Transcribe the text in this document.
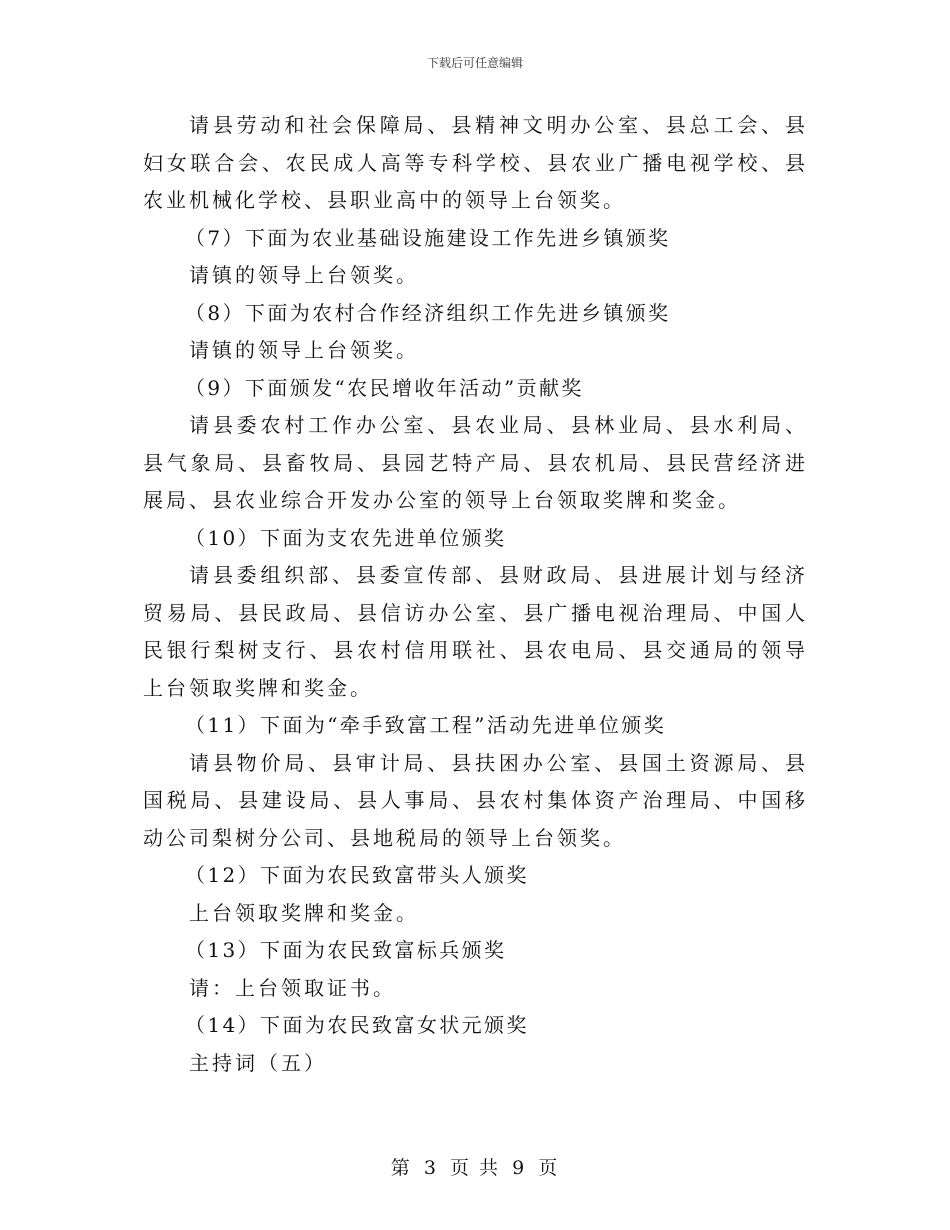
下载后可任意编辑

请县劳动和社会保障局、县精神文明办公室、县总工会、县妇女联合会、农民成人高等专科学校、县农业广播电视学校、县农业机械化学校、县职业高中的领导上台领奖。

（7）下面为农业基础设施建设工作先进乡镇颁奖

请镇的领导上台领奖。

（8）下面为农村合作经济组织工作先进乡镇颁奖

请镇的领导上台领奖。

（9）下面颁发“农民增收年活动”贡献奖

请县委农村工作办公室、县农业局、县林业局、县水利局、县气象局、县畜牧局、县园艺特产局、县农机局、县民营经济进展局、县农业综合开发办公室的领导上台领取奖牌和奖金。

（10）下面为支农先进单位颁奖

请县委组织部、县委宣传部、县财政局、县进展计划与经济贸易局、县民政局、县信访办公室、县广播电视治理局、中国人民银行梨树支行、县农村信用联社、县农电局、县交通局的领导上台领取奖牌和奖金。

（11）下面为“牵手致富工程”活动先进单位颁奖

请县物价局、县审计局、县扶困办公室、县国土资源局、县国税局、县建设局、县人事局、县农村集体资产治理局、中国移动公司梨树分公司、县地税局的领导上台领奖。

（12）下面为农民致富带头人颁奖

上台领取奖牌和奖金。

（13）下面为农民致富标兵颁奖

请：上台领取证书。

（14）下面为农民致富女状元颁奖

主持词（五）

第 3 页 共 9 页
